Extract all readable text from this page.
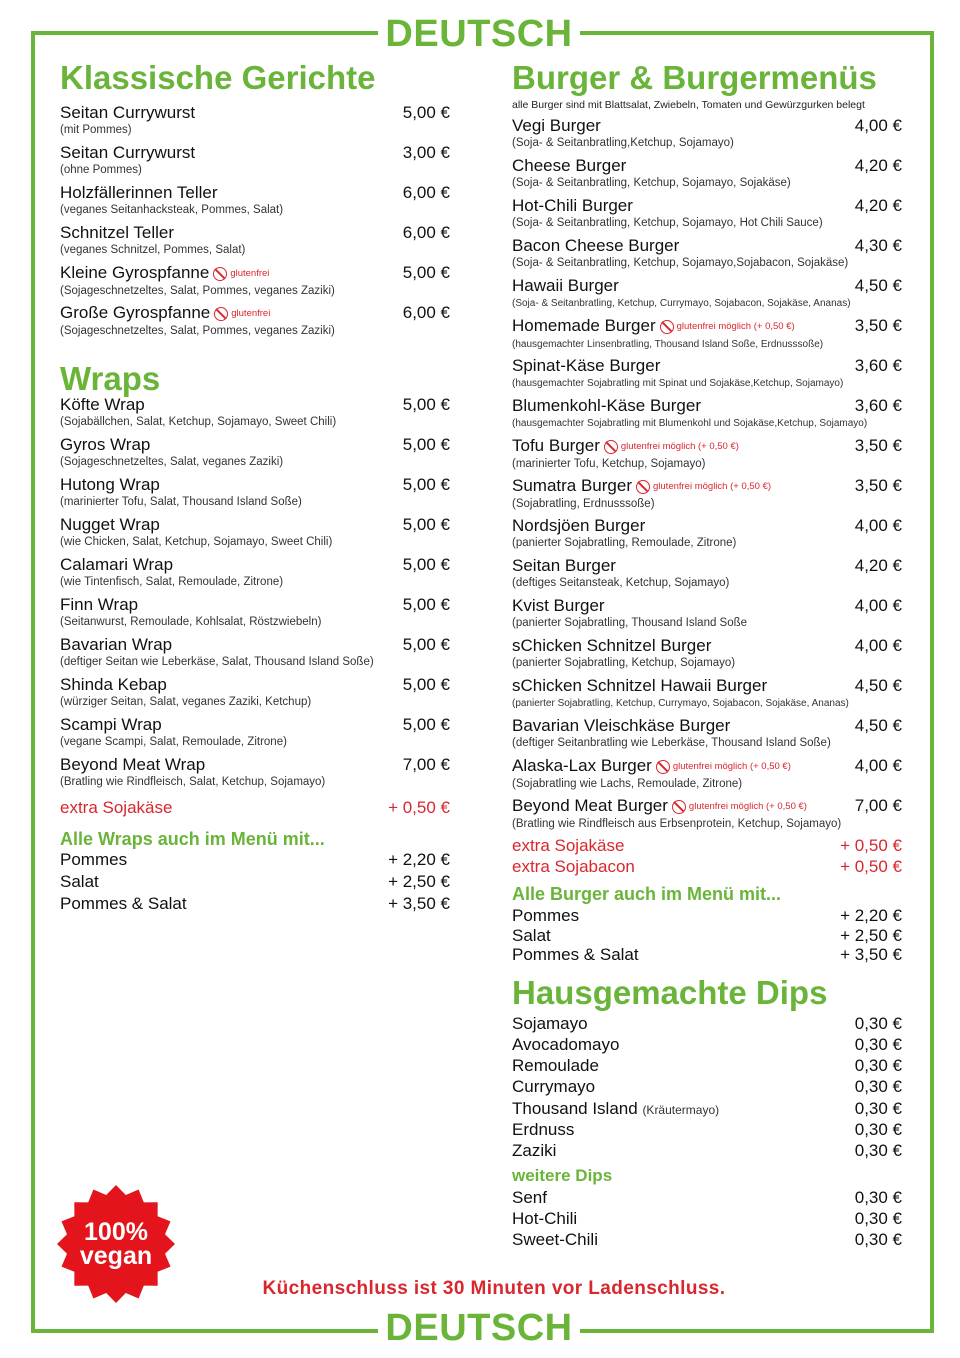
DEUTSCH
DEUTSCH
Klassische Gerichte
Seitan Currywurst
(mit Pommes)
5,00 €
Seitan Currywurst
(ohne Pommes)
3,00 €
Holzfällerinnen Teller
(veganes Seitanhacksteak, Pommes, Salat)
6,00 €
Schnitzel Teller
(veganes Schnitzel, Pommes, Salat)
6,00 €
Kleine Gyrospfanne glutenfrei
(Sojageschnetzeltes, Salat, Pommes, veganes Zaziki)
5,00 €
Große Gyrospfanne glutenfrei
(Sojageschnetzeltes, Salat, Pommes, veganes Zaziki)
6,00 €
Wraps
Köfte Wrap
(Sojabällchen, Salat, Ketchup, Sojamayo, Sweet Chili)
5,00 €
Gyros Wrap
(Sojageschnetzeltes, Salat, veganes Zaziki)
5,00 €
Hutong Wrap
(marinierter Tofu, Salat, Thousand Island Soße)
5,00 €
Nugget Wrap
(wie Chicken, Salat, Ketchup, Sojamayo, Sweet Chili)
5,00 €
Calamari Wrap
(wie Tintenfisch, Salat, Remoulade, Zitrone)
5,00 €
Finn Wrap
(Seitanwurst, Remoulade, Kohlsalat, Röstzwiebeln)
5,00 €
Bavarian Wrap
(deftiger Seitan wie Leberkäse, Salat, Thousand Island Soße)
5,00 €
Shinda Kebap
(würziger Seitan, Salat, veganes Zaziki, Ketchup)
5,00 €
Scampi Wrap
(vegane Scampi, Salat, Remoulade, Zitrone)
5,00 €
Beyond Meat Wrap
(Bratling wie Rindfleisch, Salat, Ketchup, Sojamayo)
7,00 €
extra Sojakäse	+ 0,50 €

Alle Wraps auch im Menü mit...

Pommes	+ 2,20 €
Salat	+ 2,50 €
Pommes & Salat	+ 3,50 €
Burger & Burgermenüs

alle Burger sind mit Blattsalat, Zwiebeln, Tomaten und Gewürzgurken belegt

Vegi Burger
(Soja- & Seitanbratling,Ketchup, Sojamayo)
4,00 €
Cheese Burger
(Soja- & Seitanbratling, Ketchup, Sojamayo, Sojakäse)
4,20 €
Hot-Chili Burger
(Soja- & Seitanbratling, Ketchup, Sojamayo, Hot Chili Sauce)
4,20 €
Bacon Cheese Burger
(Soja- & Seitanbratling, Ketchup, Sojamayo,Sojabacon, Sojakäse)
4,30 €
Hawaii Burger
(Soja- & Seitanbratling, Ketchup, Currymayo, Sojabacon, Sojakäse, Ananas)
4,50 €
Homemade Burger glutenfrei möglich (+ 0,50 €)
(hausgemachter Linsenbratling, Thousand Island Soße, Erdnusssoße)
3,50 €
Spinat-Käse Burger
(hausgemachter Sojabratling mit Spinat und Sojakäse,Ketchup, Sojamayo)
3,60 €
Blumenkohl-Käse Burger
(hausgemachter Sojabratling mit Blumenkohl und Sojakäse,Ketchup, Sojamayo)
3,60 €
Tofu Burger glutenfrei möglich (+ 0,50 €)
(marinierter Tofu, Ketchup, Sojamayo)
3,50 €
Sumatra Burger glutenfrei möglich (+ 0,50 €)
(Sojabratling, Erdnusssoße)
3,50 €
Nordsjöen Burger
(panierter Sojabratling, Remoulade, Zitrone)
4,00 €
Seitan Burger
(deftiges Seitansteak, Ketchup, Sojamayo)
4,20 €
Kvist Burger
(panierter Sojabratling, Thousand Island Soße
4,00 €
sChicken Schnitzel Burger
(panierter Sojabratling, Ketchup, Sojamayo)
4,00 €
sChicken Schnitzel Hawaii Burger
(panierter Sojabratling, Ketchup, Currymayo, Sojabacon, Sojakäse, Ananas)
4,50 €
Bavarian Vleischkäse Burger
(deftiger Seitanbratling wie Leberkäse, Thousand Island Soße)
4,50 €
Alaska-Lax Burger glutenfrei möglich (+ 0,50 €)
(Sojabratling wie Lachs, Remoulade, Zitrone)
4,00 €
Beyond Meat Burger glutenfrei möglich (+ 0,50 €)
(Bratling wie Rindfleisch aus Erbsenprotein, Ketchup, Sojamayo)
7,00 €
extra Sojakäse	+ 0,50 €
extra Sojabacon	+ 0,50 €

Alle Burger auch im Menü mit...

Pommes	+ 2,20 €
Salat	+ 2,50 €
Pommes & Salat	+ 3,50 €
Hausgemachte Dips
Sojamayo	0,30 €
Avocadomayo	0,30 €
Remoulade	0,30 €
Currymayo	0,30 €
Thousand Island (Kräutermayo)	0,30 €
Erdnuss	0,30 €
Zaziki	0,30 €

weitere Dips

Senf	0,30 €
Hot-Chili	0,30 €
Sweet-Chili	0,30 €
100%
vegan
Küchenschluss ist 30 Minuten vor Ladenschluss.
